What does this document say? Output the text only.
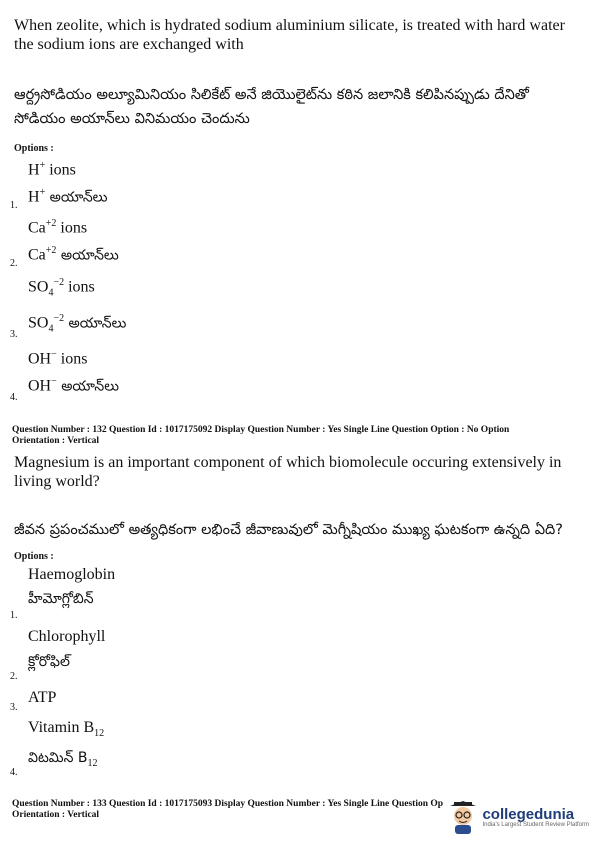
When zeolite, which is hydrated sodium aluminium silicate, is treated with hard water the sodium ions are exchanged with
ఆర్ద్రసోడియం అల్యూమినియం సిలికేట్ అనే జియొలైట్‌ను కఠిన జలానికి కలిపినప్పుడు దేనితో సోడియం అయాన్‌లు వినిమయం చెందును
Options :
H+ ions
H+ అయాన్‌లు
1.
$Ca^{+2}$ ions
$Ca^{+2}$ అయాన్‌లు
2.
$SO_4^{-2}$ ions
$SO_4^{-2}$ అయాన్‌లు
3.
OH− ions
OH− అయాన్‌లు
4.
Question Number : 132 Question Id : 1017175092 Display Question Number : Yes Single Line Question Option : No Option
Orientation : Vertical
Magnesium is an important component of which biomolecule occuring extensively in living world?
జీవన ప్రపంచములో అత్యధికంగా లభించే జీవాణువులో మెగ్నీషియం ముఖ్య ఘటకంగా ఉన్నది ఏది?
Options :
Haemoglobin
హీమోగ్లోబిన్
1.
Chlorophyll
క్లోరోఫిల్
2.
ATP
3.
Vitamin $B_{12}$
విటమిన్ $B_{12}$
4.
Question Number : 133 Question Id : 1017175093 Display Question Number : Yes Single Line Question Op
Orientation : Vertical	collegedunia
India's Largest Student Review Platform
